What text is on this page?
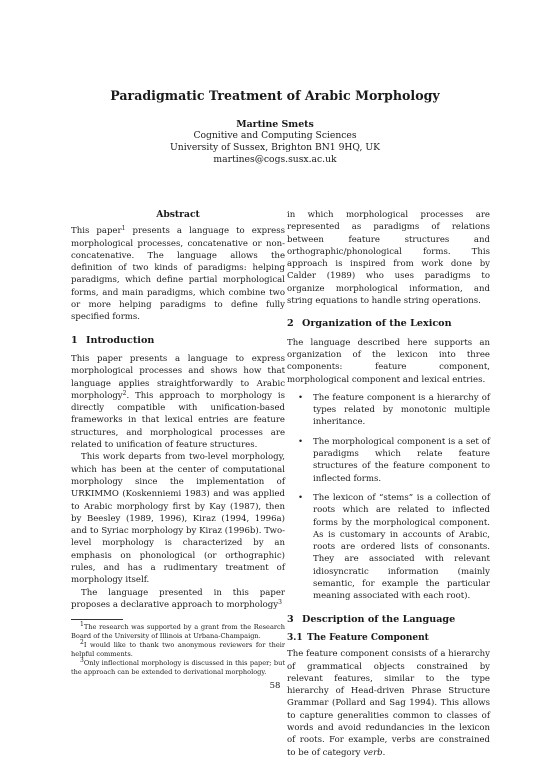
Paradigmatic Treatment of Arabic Morphology
Martine Smets
Cognitive and Computing Sciences
University of Sussex, Brighton BN1 9HQ, UK
martines@cogs.susx.ac.uk
Abstract

This paper$^1$ presents a language to express morphological processes, concatenative or non-concatenative. The language allows the definition of two kinds of paradigms: helping paradigms, which define partial morphological forms, and main paradigms, which combine two or more helping paradigms to define fully specified forms.

1 Introduction

This paper presents a language to express morphological processes and shows how that language applies straightforwardly to Arabic morphology$^2$. This approach to morphology is directly compatible with unification-based frameworks in that lexical entries are feature structures, and morphological processes are related to unification of feature structures.

This work departs from two-level morphology, which has been at the center of computational morphology since the implementation of URKIMMO (Koskenniemi 1983) and was applied to Arabic morphology first by Kay (1987), then by Beesley (1989, 1996), Kiraz (1994, 1996a) and to Syriac morphology by Kiraz (1996b). Two-level morphology is characterized by an emphasis on phonological (or orthographic) rules, and has a rudimentary treatment of morphology itself.

The language presented in this paper proposes a declarative approach to morphology$^3$

$^1$The research was supported by a grant from the Research Board of the University of Illinois at Urbana-Champaign.

$^2$I would like to thank two anonymous reviewers for their helpful comments.

$^3$Only inflectional morphology is discussed in this paper; but the approach can be extended to derivational morphology.

in which morphological processes are represented as paradigms of relations between feature structures and orthographic/phonological forms. This approach is inspired from work done by Calder (1989) who uses paradigms to organize morphological information, and string equations to handle string operations.

2 Organization of the Lexicon

The language described here supports an organization of the lexicon into three components: feature component, morphological component and lexical entries.

• The feature component is a hierarchy of types related by monotonic multiple inheritance.
• The morphological component is a set of paradigms which relate feature structures of the feature component to inflected forms.
• The lexicon of “stems” is a collection of roots which are related to inflected forms by the morphological component. As is customary in accounts of Arabic, roots are ordered lists of consonants. They are associated with relevant idiosyncratic information (mainly semantic, for example the particular meaning associated with each root).
3 Description of the Language
3.1 The Feature Component

The feature component consists of a hierarchy of grammatical objects constrained by relevant features, similar to the type hierarchy of Head-driven Phrase Structure Grammar (Pollard and Sag 1994). This allows to capture generalities common to classes of words and avoid redundancies in the lexicon of roots. For example, verbs are constrained to be of category verb.

58
